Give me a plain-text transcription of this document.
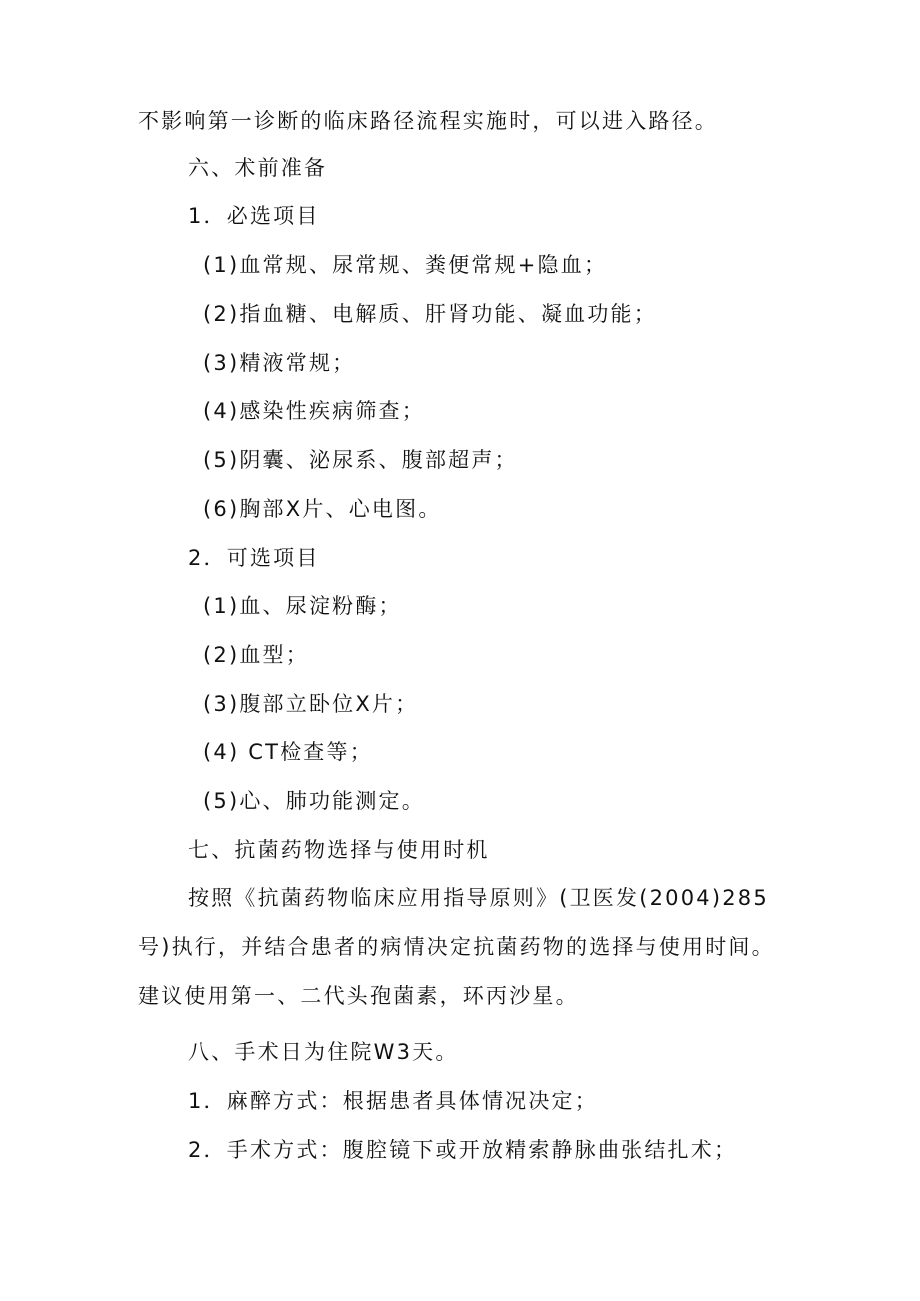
不影响第一诊断的临床路径流程实施时，可以进入路径。
六、术前准备
1．必选项目
(1)血常规、尿常规、粪便常规+隐血；
(2)指血糖、电解质、肝肾功能、凝血功能；
(3)精液常规；
(4)感染性疾病筛查；
(5)阴囊、泌尿系、腹部超声；
(6)胸部X片、心电图。
2．可选项目
(1)血、尿淀粉酶；
(2)血型；
(3)腹部立卧位X片；
(4) CT检查等；
(5)心、肺功能测定。
七、抗菌药物选择与使用时机
按照《抗菌药物临床应用指导原则》(卫医发(2004)285
号)执行，并结合患者的病情决定抗菌药物的选择与使用时间。
建议使用第一、二代头孢菌素，环丙沙星。
八、手术日为住院W3天。
1．麻醉方式：根据患者具体情况决定；
2．手术方式：腹腔镜下或开放精索静脉曲张结扎术；
